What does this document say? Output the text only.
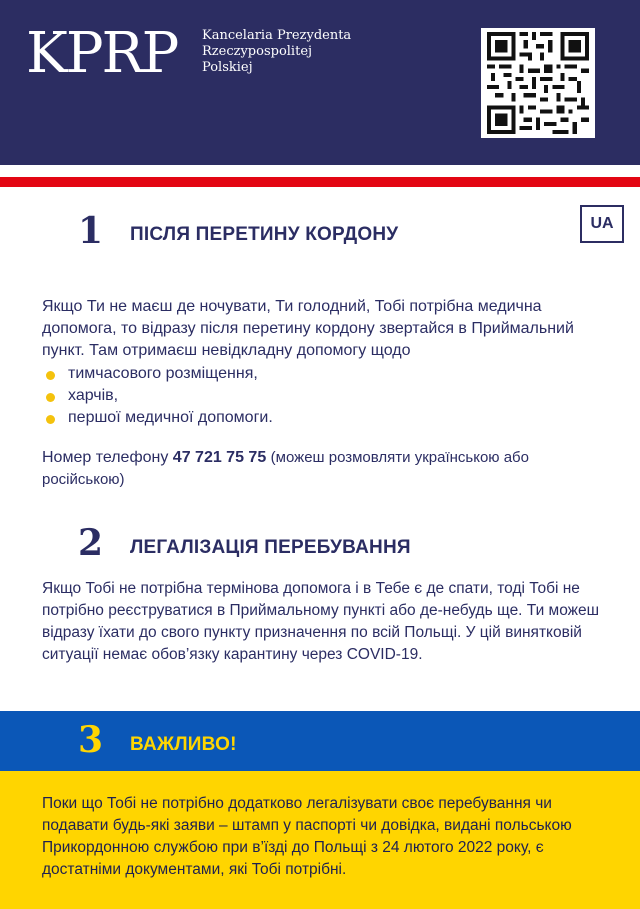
KPRP Kancelaria Prezydenta
Rzeczypospolitej
Polskiej
UA
1 ПІСЛЯ ПЕРЕТИНУ КОРДОНУ

Якщо Ти не маєш де ночувати, Ти голодний, Тобі потрібна медична допомога, то відразу після перетину кордону звертайся в Приймальний пункт. Там отримаєш невідкладну допомогу щодо

тимчасового розміщення,
харчів,
першої медичної допомоги.

Номер телефону 47 721 75 75 (можеш розмовляти українською або російською)

2 ЛЕГАЛІЗАЦІЯ ПЕРЕБУВАННЯ

Якщо Тобі не потрібна термінова допомога і в Тебе є де спати, тоді Тобі не потрібно реєструватися в Приймальному пункті або де-небудь ще. Ти можеш відразу їхати до свого пункту призначення по всій Польщі. У цій винятковій ситуації немає обов’язку карантину через COVID-19.

3 ВАЖЛИВО!

Поки що Тобі не потрібно додатково легалізувати своє перебування чи подавати будь-які заяви – штамп у паспорті чи довідка, видані польською Прикордонною службою при в’їзді до Польщі з 24 лютого 2022 року, є достатніми документами, які Тобі потрібні.
